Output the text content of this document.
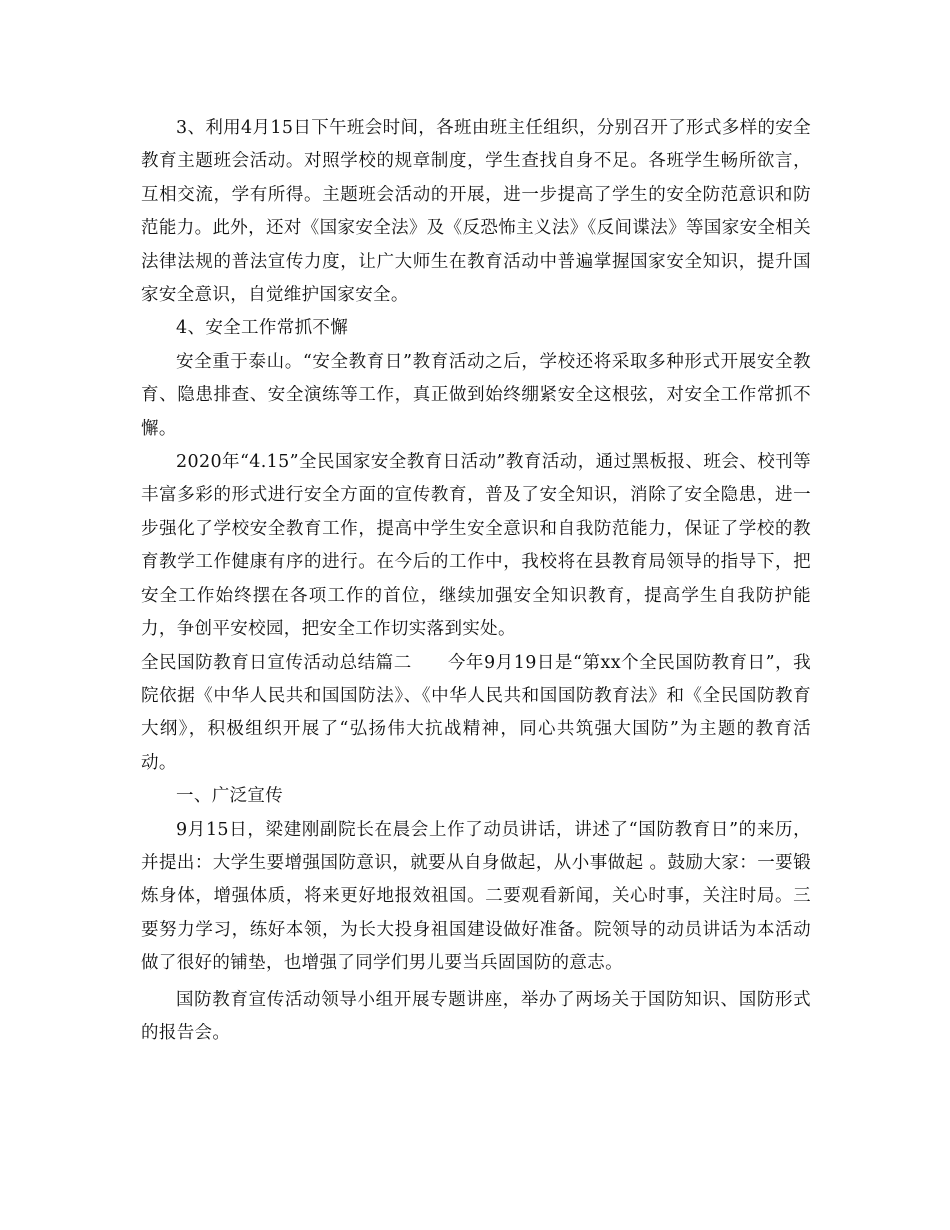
3、利用4月15日下午班会时间，各班由班主任组织，分别召开了形式多样的安全教育主题班会活动。对照学校的规章制度，学生查找自身不足。各班学生畅所欲言，互相交流，学有所得。主题班会活动的开展，进一步提高了学生的安全防范意识和防范能力。此外，还对《国家安全法》及《反恐怖主义法》《反间谍法》等国家安全相关法律法规的普法宣传力度，让广大师生在教育活动中普遍掌握国家安全知识，提升国家安全意识，自觉维护国家安全。

4、安全工作常抓不懈

安全重于泰山。“安全教育日”教育活动之后，学校还将采取多种形式开展安全教育、隐患排查、安全演练等工作，真正做到始终绷紧安全这根弦，对安全工作常抓不懈。

2020年“4.15”全民国家安全教育日活动”教育活动，通过黑板报、班会、校刊等丰富多彩的形式进行安全方面的宣传教育，普及了安全知识，消除了安全隐患，进一步强化了学校安全教育工作，提高中学生安全意识和自我防范能力，保证了学校的教育教学工作健康有序的进行。在今后的工作中，我校将在县教育局领导的指导下，把安全工作始终摆在各项工作的首位，继续加强安全知识教育，提高学生自我防护能力，争创平安校园，把安全工作切实落到实处。

全民国防教育日宣传活动总结篇二　　今年9月19日是“第xx个全民国防教育日”，我院依据《中华人民共和国国防法》、《中华人民共和国国防教育法》和《全民国防教育大纲》，积极组织开展了“弘扬伟大抗战精神，同心共筑强大国防”为主题的教育活动。

一、广泛宣传

9月15日，梁建刚副院长在晨会上作了动员讲话，讲述了“国防教育日”的来历，并提出：大学生要增强国防意识，就要从自身做起，从小事做起 。鼓励大家：一要锻炼身体，增强体质，将来更好地报效祖国。二要观看新闻，关心时事，关注时局。三要努力学习，练好本领，为长大投身祖国建设做好准备。院领导的动员讲话为本活动做了很好的铺垫，也增强了同学们男儿要当兵固国防的意志。

国防教育宣传活动领导小组开展专题讲座，举办了两场关于国防知识、国防形式的报告会。
